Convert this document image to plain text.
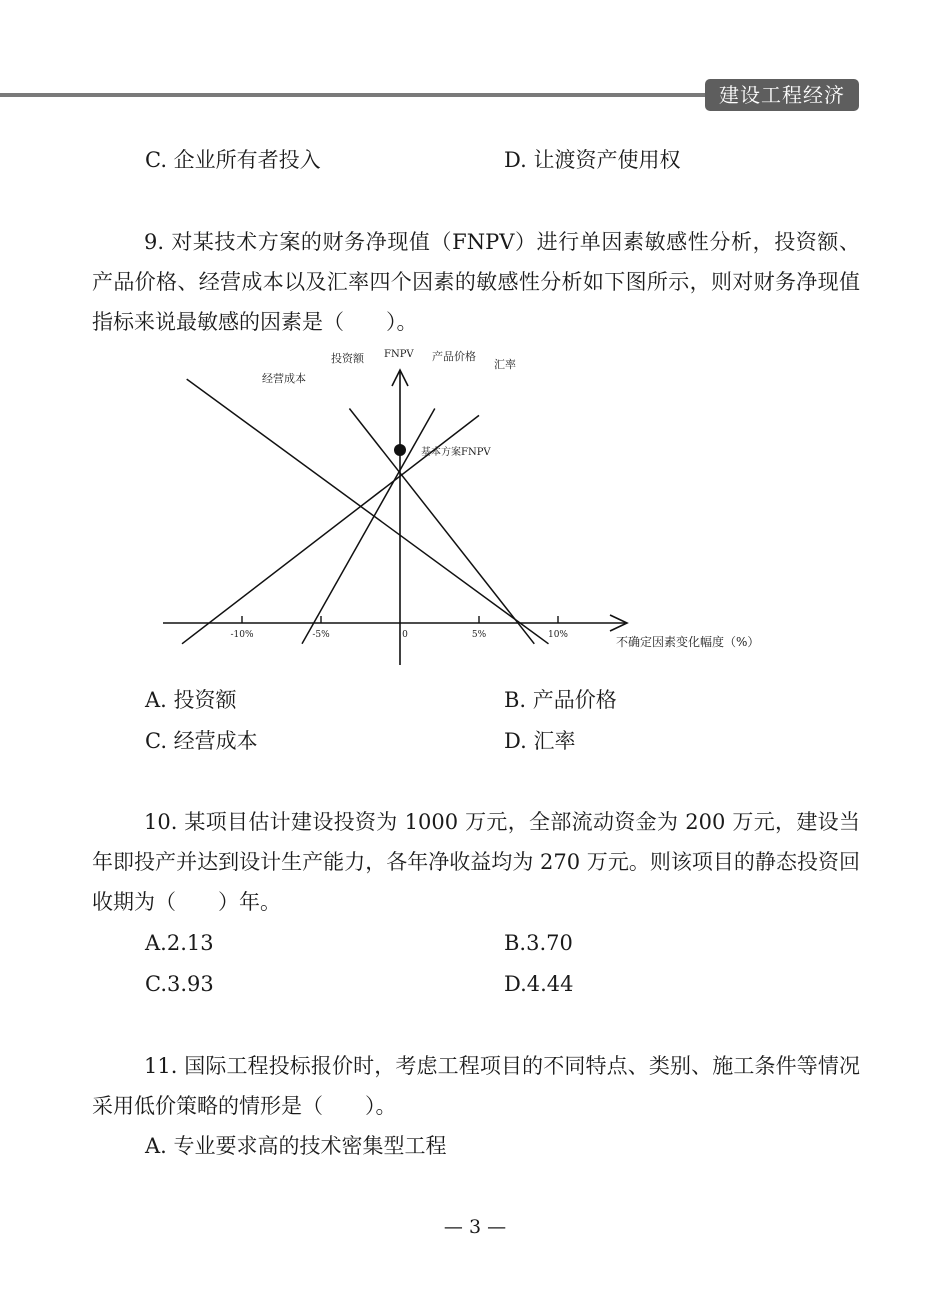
建设工程经济
C. 企业所有者投入	D. 让渡资产使用权
9. 对某技术方案的财务净现值（FNPV）进行单因素敏感性分析，投资额、产品价格、经营成本以及汇率四个因素的敏感性分析如下图所示，则对财务净现值指标来说最敏感的因素是（　　）。
-10%	-5%	0	5%	10%
基本方案FNPV
FNPV
不确定因素变化幅度（%）
经营成本
投资额	产品价格
汇率
A. 投资额	B. 产品价格
C. 经营成本	D. 汇率
10. 某项目估计建设投资为 1000 万元，全部流动资金为 200 万元，建设当年即投产并达到设计生产能力，各年净收益均为 270 万元。则该项目的静态投资回收期为（　　）年。
A.2.13	B.3.70
C.3.93	D.4.44
11. 国际工程投标报价时，考虑工程项目的不同特点、类别、施工条件等情况采用低价策略的情形是（　　）。
A. 专业要求高的技术密集型工程
— 3 —
